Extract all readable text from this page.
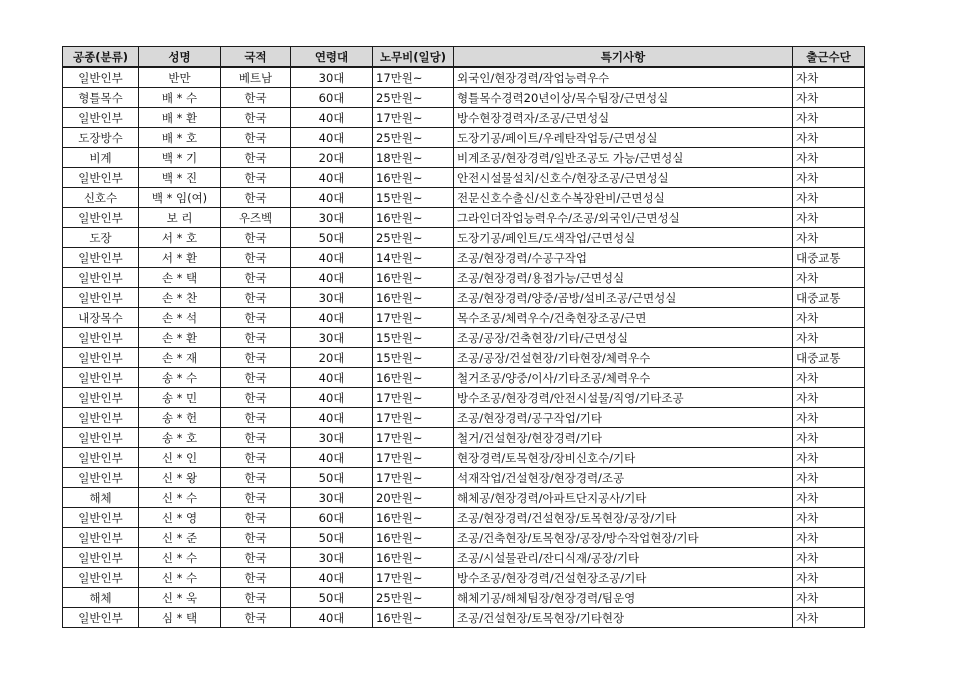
공종(분류)	성명	국적	연령대	노무비(일당)	특기사항	출근수단
일반인부	반만	베트남	30대	17만원~	외국인/현장경력/작업능력우수	자차
형틀목수	배 * 수	한국	60대	25만원~	형틀목수경력20년이상/목수팀장/근면성실	자차
일반인부	배 * 환	한국	40대	17만원~	방수현장경력자/조공/근면성실	자차
도장방수	배 * 호	한국	40대	25만원~	도장기공/페이트/우레탄작업등/근면성실	자차
비계	백 * 기	한국	20대	18만원~	비계조공/현장경력/일반조공도 가능/근면성실	자차
일반인부	백 * 진	한국	40대	16만원~	안전시설물설치/신호수/현장조공/근면성실	자차
신호수	백 * 임(여)	한국	40대	15만원~	전문신호수출신/신호수복장완비/근면성실	자차
일반인부	보 리	우즈벡	30대	16만원~	그라인더작업능력우수/조공/외국인/근면성실	자차
도장	서 * 호	한국	50대	25만원~	도장기공/페인트/도색작업/근면성실	자차
일반인부	서 * 환	한국	40대	14만원~	조공/현장경력/수공구작업	대중교통
일반인부	손 * 택	한국	40대	16만원~	조공/현장경력/용접가능/근면성실	자차
일반인부	손 * 찬	한국	30대	16만원~	조공/현장경력/양중/곰방/설비조공/근면성실	대중교통
내장목수	손 * 석	한국	40대	17만원~	목수조공/체력우수/건축현장조공/근면	자차
일반인부	손 * 환	한국	30대	15만원~	조공/공장/건축현장/기타/근면성실	자차
일반인부	손 * 재	한국	20대	15만원~	조공/공장/건설현장/기타현장/체력우수	대중교통
일반인부	송 * 수	한국	40대	16만원~	철거조공/양중/이사/기타조공/체력우수	자차
일반인부	송 * 민	한국	40대	17만원~	방수조공/현장경력/안전시설물/직영/기타조공	자차
일반인부	송 * 헌	한국	40대	17만원~	조공/현장경력/공구작업/기타	자차
일반인부	송 * 호	한국	30대	17만원~	철거/건설현장/현장경력/기타	자차
일반인부	신 * 인	한국	40대	17만원~	현장경력/토목현장/장비신호수/기타	자차
일반인부	신 * 왕	한국	50대	17만원~	석재작업/건설현장/현장경력/조공	자차
해체	신 * 수	한국	30대	20만원~	해체공/현장경력/아파트단지공사/기타	자차
일반인부	신 * 영	한국	60대	16만원~	조공/현장경력/건설현장/토목현장/공장/기타	자차
일반인부	신 * 준	한국	50대	16만원~	조공/건축현장/토목현장/공장/방수작업현장/기타	자차
일반인부	신 * 수	한국	30대	16만원~	조공/시설물관리/잔디식재/공장/기타	자차
일반인부	신 * 수	한국	40대	17만원~	방수조공/현장경력/건설현장조공/기타	자차
해체	신 * 욱	한국	50대	25만원~	해체기공/해체팀장/현장경력/팀운영	자차
일반인부	심 * 택	한국	40대	16만원~	조공/건설현장/토목현장/기타현장	자차
